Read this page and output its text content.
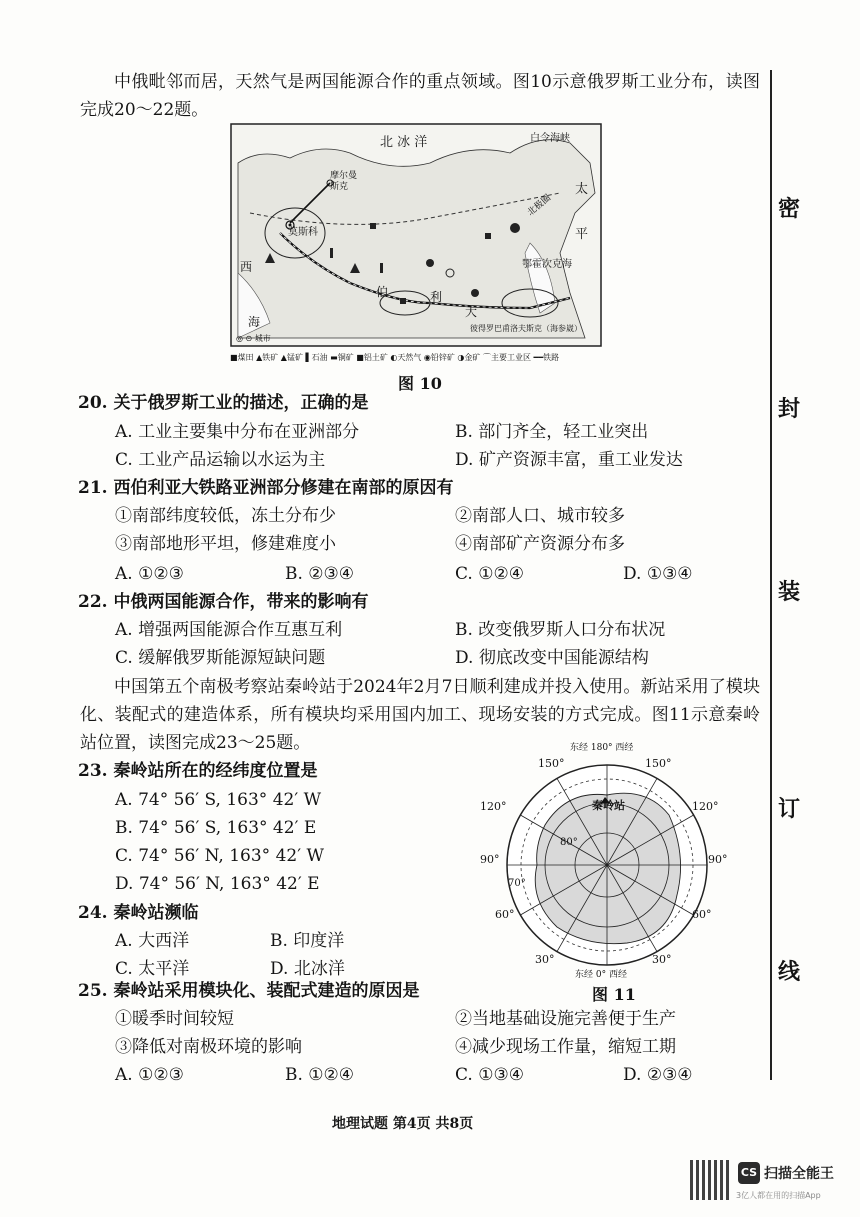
中俄毗邻而居，天然气是两国能源合作的重点领域。图10示意俄罗斯工业分布，读图完成20～22题。
北 冰 洋	白令海峡
太
平
摩尔曼斯克
莫斯科
北极圈
鄂霍次克海
伯	利
大
西
海	彼得罗巴甫洛夫斯克（海参崴）
◎ ⊙ 城市
■煤田 ▲铁矿 ▲锰矿 ▌石油 ▬铜矿 ■铝土矿 ◐天然气 ◉铅锌矿 ◑金矿 ⌒主要工业区 ━━铁路
图 10
20. 关于俄罗斯工业的描述，正确的是
A. 工业主要集中分布在亚洲部分	B. 部门齐全，轻工业突出
C. 工业产品运输以水运为主	D. 矿产资源丰富，重工业发达
21. 西伯利亚大铁路亚洲部分修建在南部的原因有
①南部纬度较低，冻土分布少	②南部人口、城市较多
③南部地形平坦，修建难度小	④南部矿产资源分布多
A. ①②③	B. ②③④	C. ①②④	D. ①③④
22. 中俄两国能源合作，带来的影响有
A. 增强两国能源合作互惠互利	B. 改变俄罗斯人口分布状况
C. 缓解俄罗斯能源短缺问题	D. 彻底改变中国能源结构
中国第五个南极考察站秦岭站于2024年2月7日顺利建成并投入使用。新站采用了模块化、装配式的建造体系，所有模块均采用国内加工、现场安装的方式完成。图11示意秦岭站位置，读图完成23～25题。
23. 秦岭站所在的经纬度位置是
A. 74° 56′ S, 163° 42′ W
B. 74° 56′ S, 163° 42′ E
C. 74° 56′ N, 163° 42′ W
D. 74° 56′ N, 163° 42′ E
24. 秦岭站濒临
A. 大西洋	B. 印度洋
C. 太平洋	D. 北冰洋
东经 180° 西经
东经 0° 西经
秦岭站
150°	150°
120°
120°
90°	90°
60°	60°
30°	30°
80°
70°
图 11
25. 秦岭站采用模块化、装配式建造的原因是
①暖季时间较短	②当地基础设施完善便于生产
③降低对南极环境的影响	④减少现场工作量，缩短工期
A. ①②③	B. ①②④	C. ①③④	D. ②③④
密
封
装
订
线
地理试题 第4页 共8页
CS 扫描全能王
3亿人都在用的扫描App
